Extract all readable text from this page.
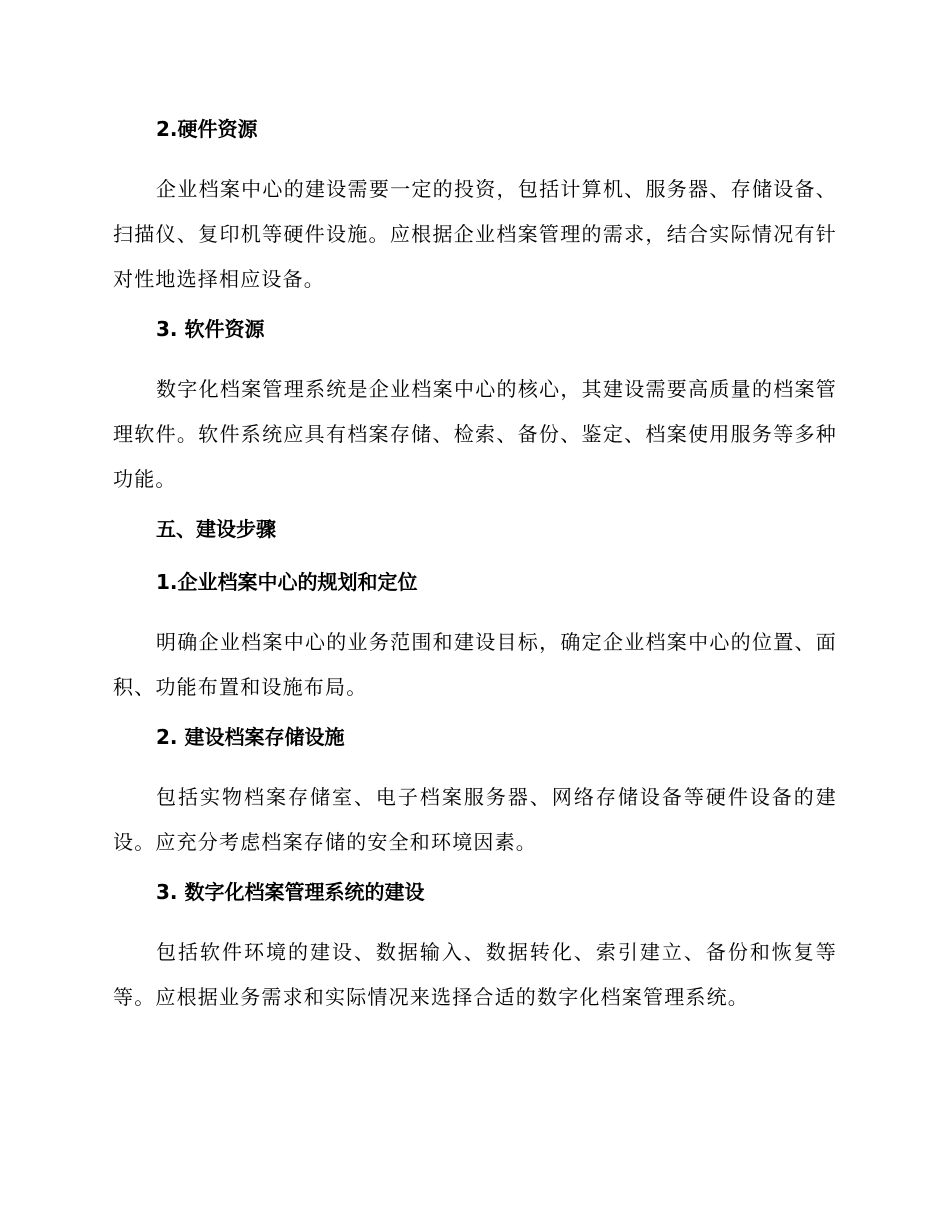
2.硬件资源

企业档案中心的建设需要一定的投资，包括计算机、服务器、存储设备、扫描仪、复印机等硬件设施。应根据企业档案管理的需求，结合实际情况有针对性地选择相应设备。

3. 软件资源

数字化档案管理系统是企业档案中心的核心，其建设需要高质量的档案管理软件。软件系统应具有档案存储、检索、备份、鉴定、档案使用服务等多种功能。

五、建设步骤
1.企业档案中心的规划和定位

明确企业档案中心的业务范围和建设目标，确定企业档案中心的位置、面积、功能布置和设施布局。

2. 建设档案存储设施

包括实物档案存储室、电子档案服务器、网络存储设备等硬件设备的建设。应充分考虑档案存储的安全和环境因素。

3. 数字化档案管理系统的建设

包括软件环境的建设、数据输入、数据转化、索引建立、备份和恢复等等。应根据业务需求和实际情况来选择合适的数字化档案管理系统。
